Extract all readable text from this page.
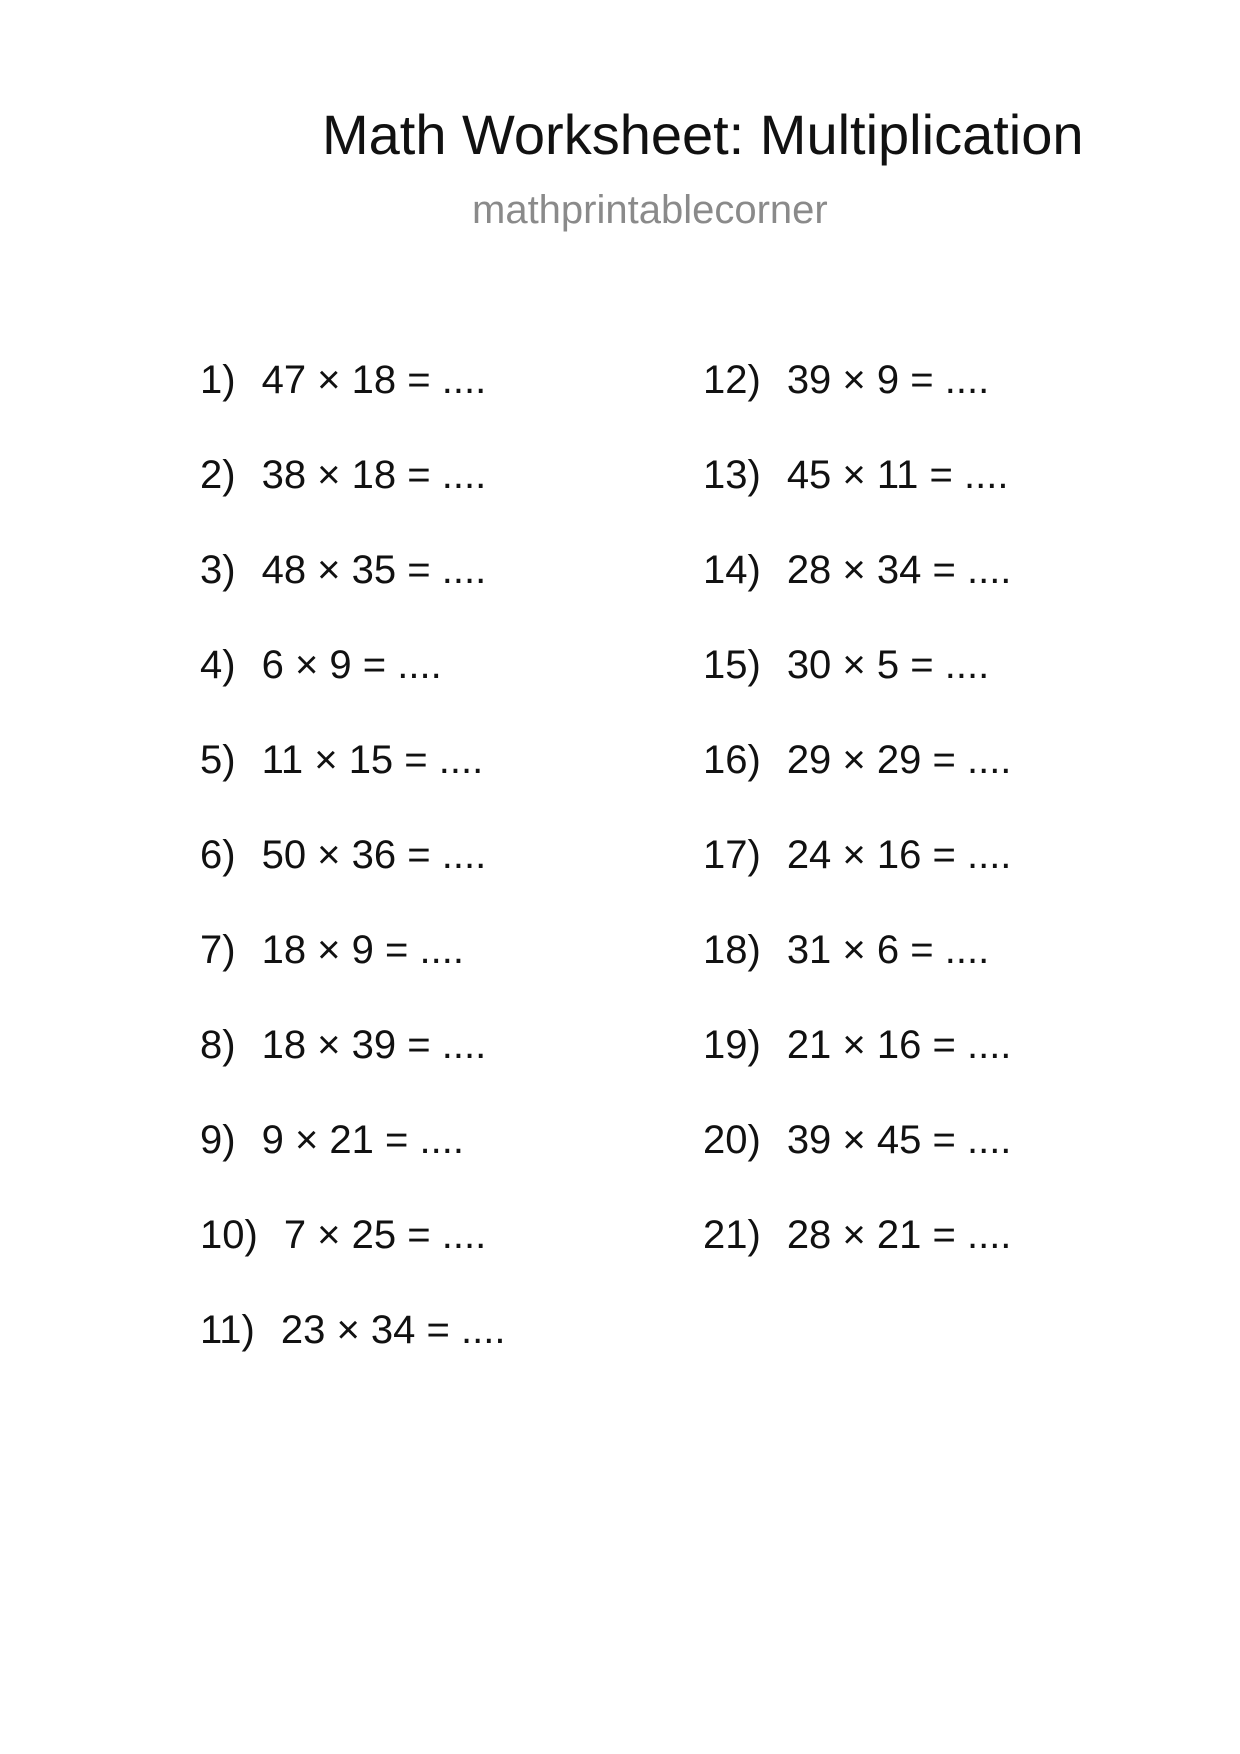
Math Worksheet: Multiplication
mathprintablecorner
1) 47 × 18 = ....
2) 38 × 18 = ....
3) 48 × 35 = ....
4) 6 × 9 = ....
5) 11 × 15 = ....
6) 50 × 36 = ....
7) 18 × 9 = ....
8) 18 × 39 = ....
9) 9 × 21 = ....
10) 7 × 25 = ....
11) 23 × 34 = ....
12) 39 × 9 = ....
13) 45 × 11 = ....
14) 28 × 34 = ....
15) 30 × 5 = ....
16) 29 × 29 = ....
17) 24 × 16 = ....
18) 31 × 6 = ....
19) 21 × 16 = ....
20) 39 × 45 = ....
21) 28 × 21 = ....
